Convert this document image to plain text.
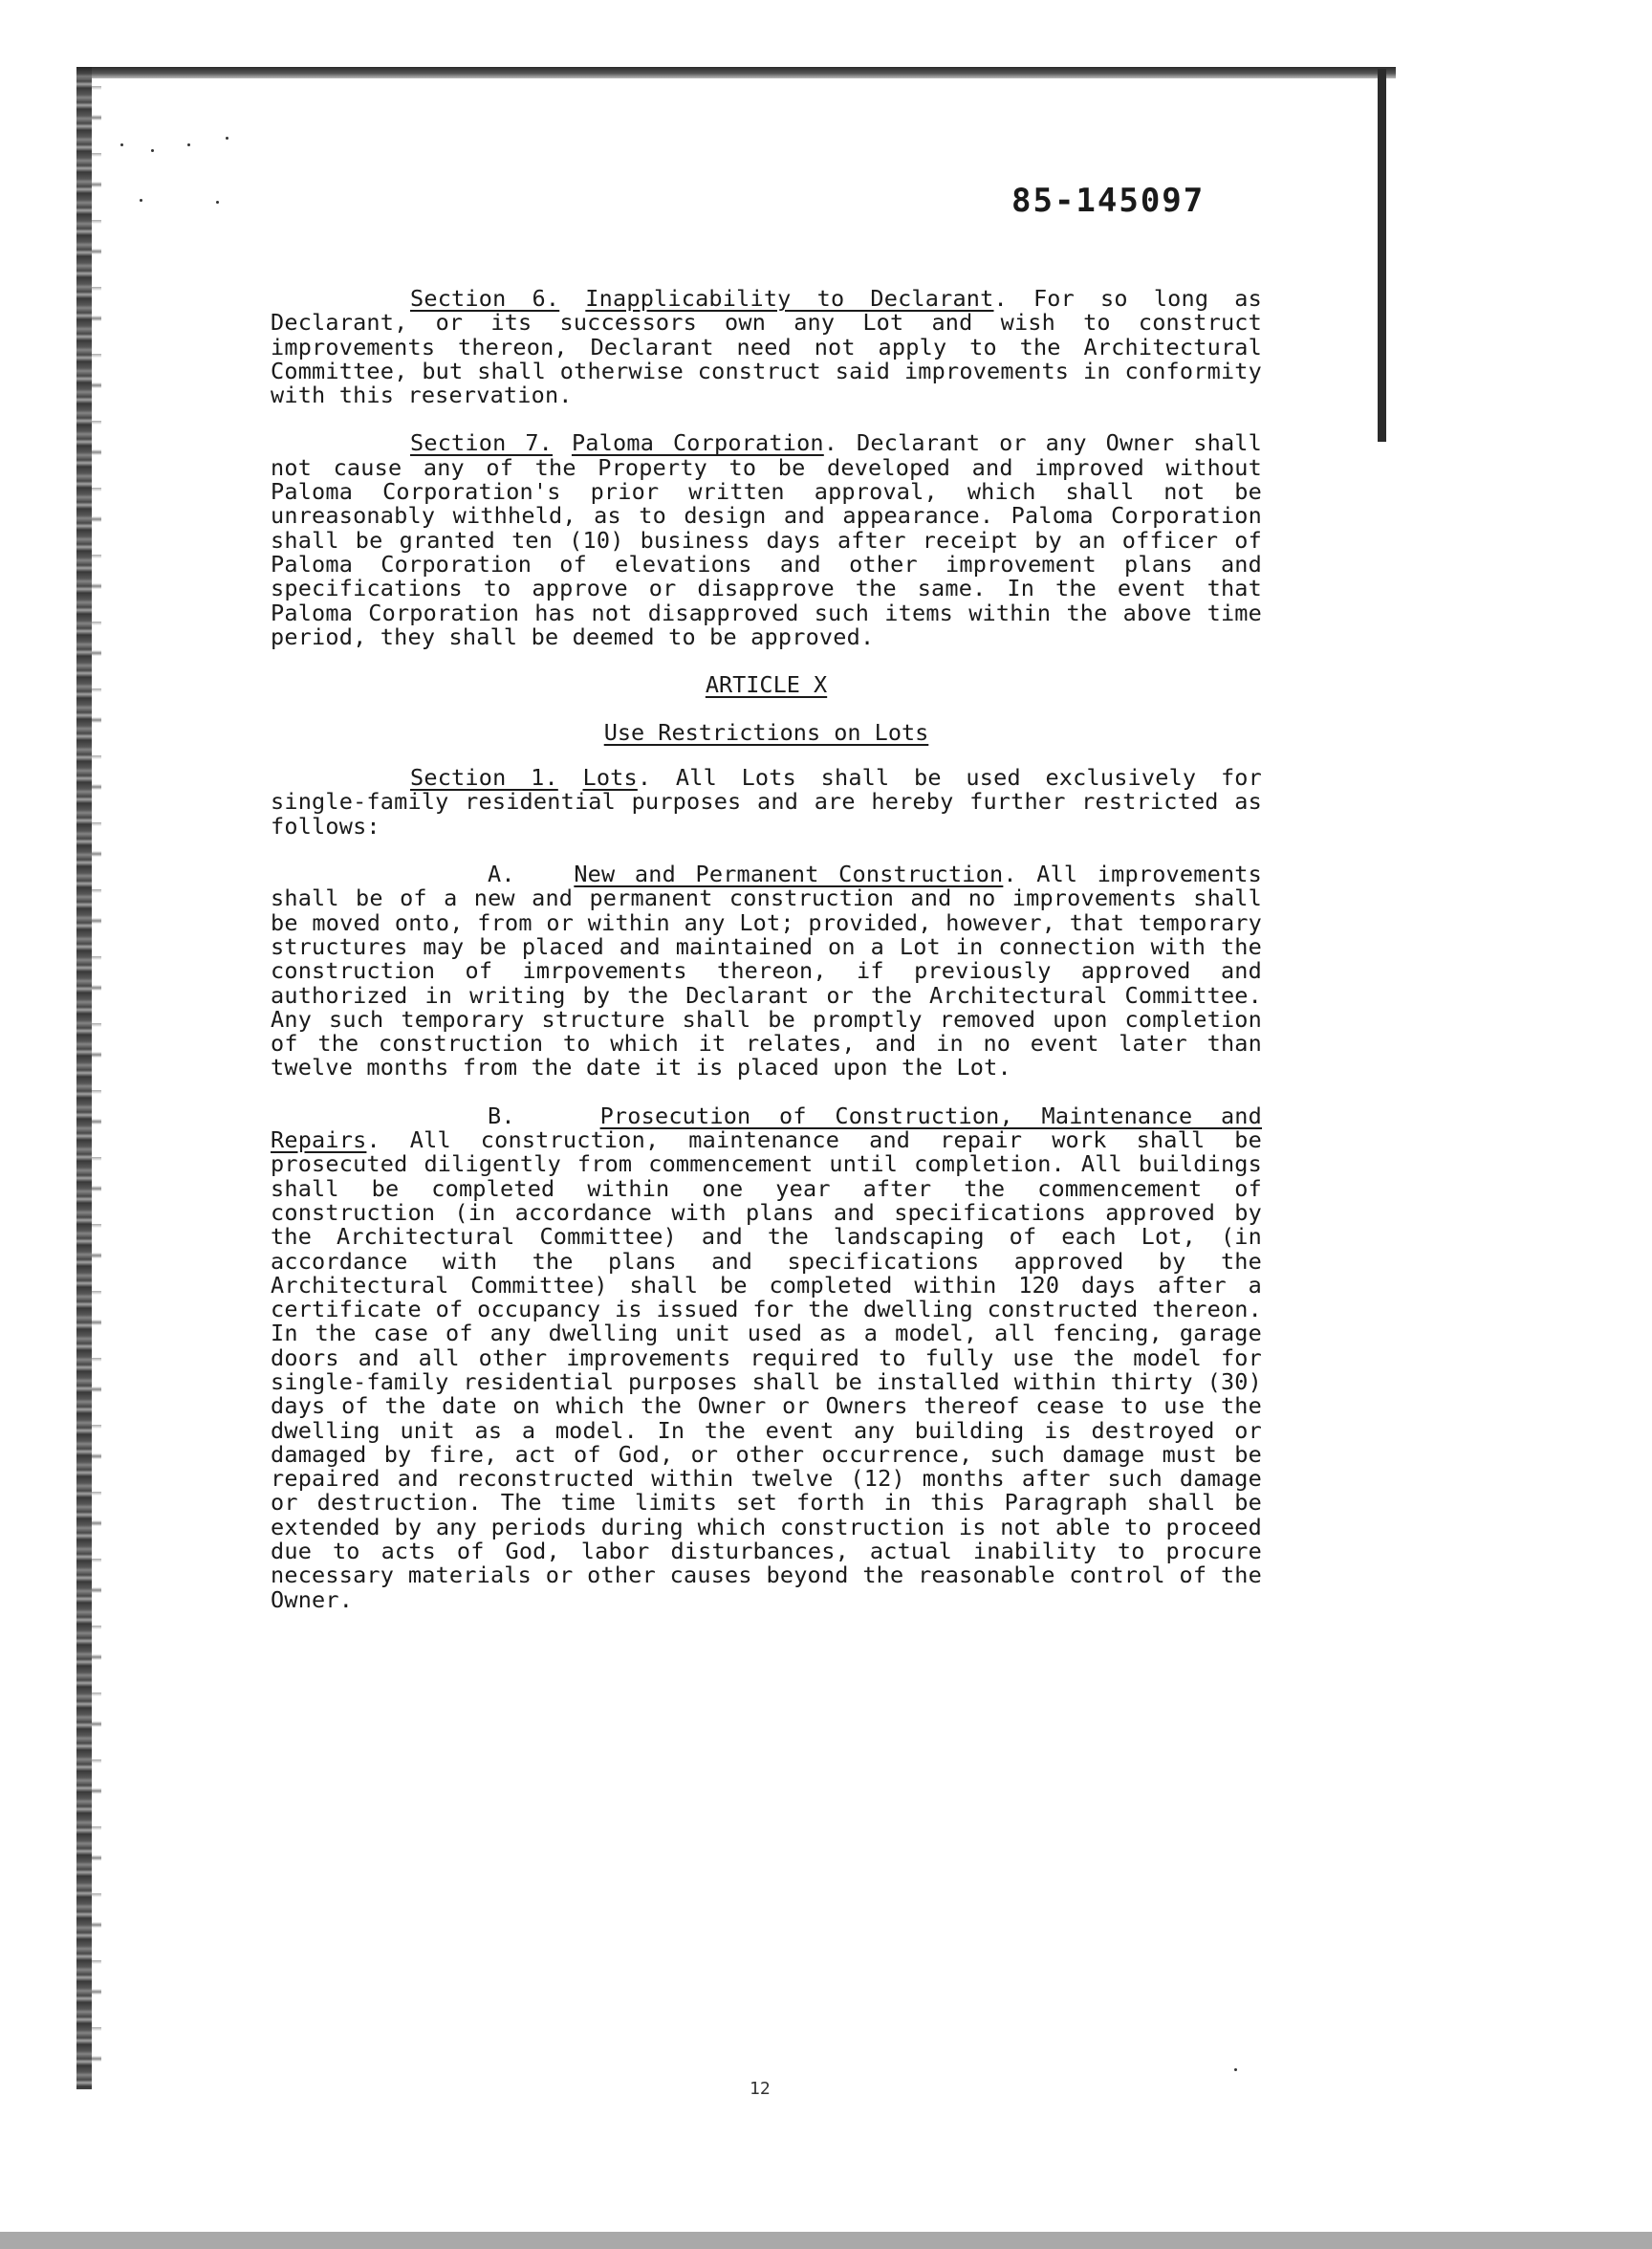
85-145097

Section 6. Inapplicability to Declarant. For so long as Declarant, or its successors own any Lot and wish to construct improvements thereon, Declarant need not apply to the Architectural Committee, but shall otherwise construct said improvements in conformity with this reservation.

Section 7. Paloma Corporation. Declarant or any Owner shall not cause any of the Property to be developed and improved without Paloma Corporation's prior written approval, which shall not be unreasonably withheld, as to design and appearance. Paloma Corporation shall be granted ten (10) business days after receipt by an officer of Paloma Corporation of elevations and other improvement plans and specifications to approve or disapprove the same. In the event that Paloma Corporation has not disapproved such items within the above time period, they shall be deemed to be approved.

ARTICLE X

Use Restrictions on Lots

Section 1. Lots. All Lots shall be used exclusively for single-family residential purposes and are hereby further restricted as follows:

A.	New and Permanent Construction. All improvements shall be of a new and permanent construction and no improvements shall be moved onto, from or within any Lot; provided, however, that temporary structures may be placed and maintained on a Lot in connection with the construction of imrpovements thereon, if previously approved and authorized in writing by the Declarant or the Architectural Committee. Any such temporary structure shall be promptly removed upon completion of the construction to which it relates, and in no event later than twelve months from the date it is placed upon the Lot.

B.	Prosecution of Construction, Maintenance and Repairs. All construction, maintenance and repair work shall be prosecuted diligently from commencement until completion. All buildings shall be completed within one year after the commencement of construction (in accordance with plans and specifications approved by the Architectural Committee) and the landscaping of each Lot, (in accordance with the plans and specifications approved by the Architectural Committee) shall be completed within 120 days after a certificate of occupancy is issued for the dwelling constructed thereon. In the case of any dwelling unit used as a model, all fencing, garage doors and all other improvements required to fully use the model for single-family residential purposes shall be installed within thirty (30) days of the date on which the Owner or Owners thereof cease to use the dwelling unit as a model. In the event any building is destroyed or damaged by fire, act of God, or other occurrence, such damage must be repaired and reconstructed within twelve (12) months after such damage or destruction. The time limits set forth in this Paragraph shall be extended by any periods during which construction is not able to proceed due to acts of God, labor disturbances, actual inability to procure necessary materials or other causes beyond the reasonable control of the Owner.

12
